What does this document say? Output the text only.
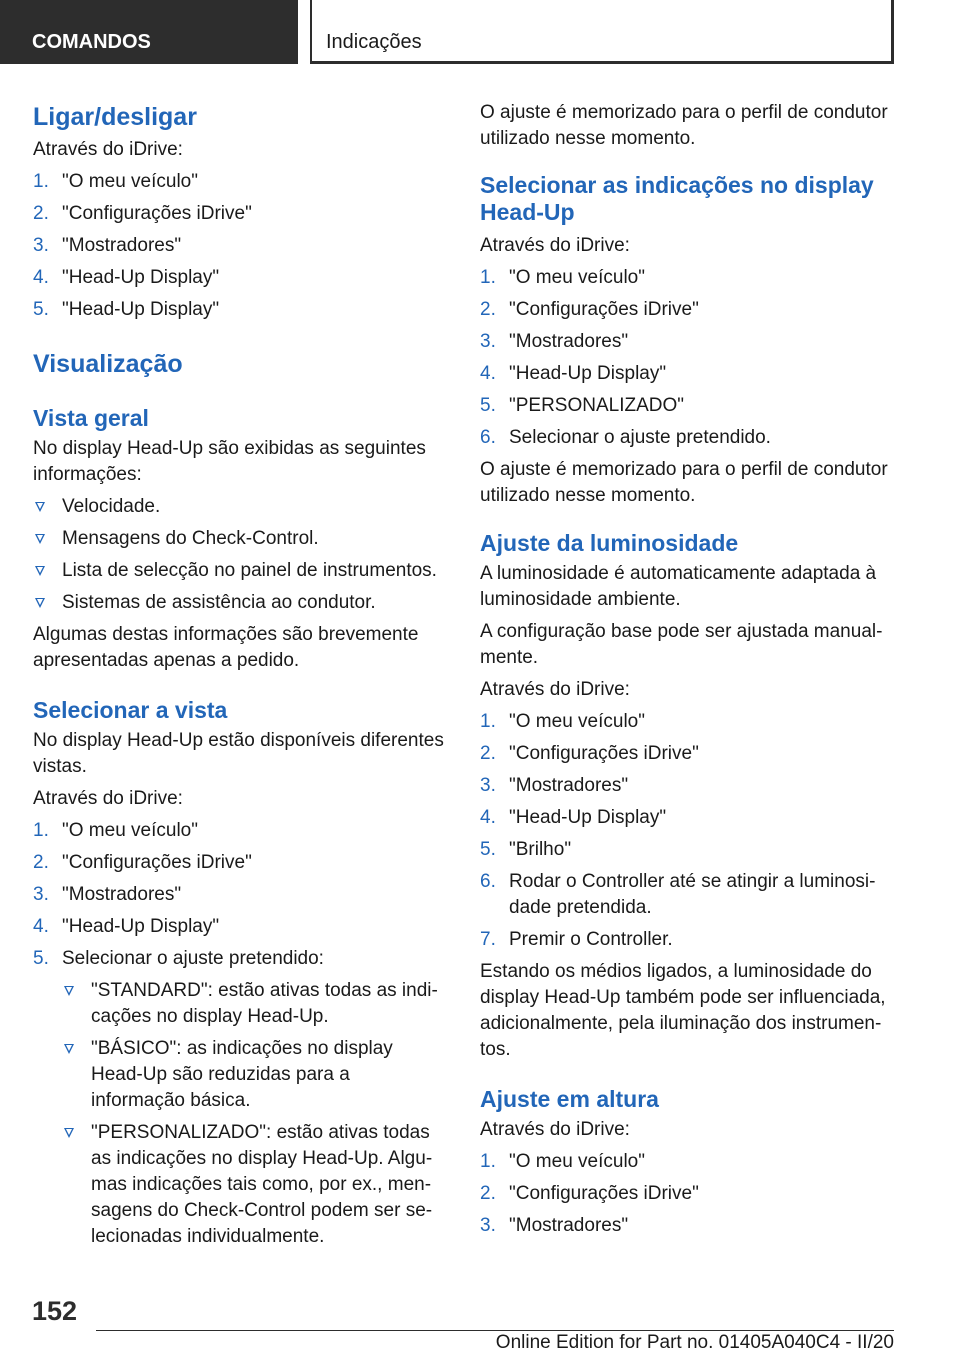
COMANDOS	Indicações
Ligar/desligar

Através do iDrive:

1. "O meu veículo"
2. "Configurações iDrive"
3. "Mostradores"
4. "Head-Up Display"
5. "Head-Up Display"
Visualização
Vista geral

No display Head-Up são exibidas as seguintes informações:

Velocidade.
Mensagens do Check-Control.
Lista de selecção no painel de instrumentos.
Sistemas de assistência ao condutor.

Algumas destas informações são brevemente apresentadas apenas a pedido.

Selecionar a vista

No display Head-Up estão disponíveis diferentes vistas.

Através do iDrive:

1. "O meu veículo"
2. "Configurações iDrive"
3. "Mostradores"
4. "Head-Up Display"
5. Selecionar o ajuste pretendido:
"STANDARD": estão ativas todas as indicações no display Head-Up.
"BÁSICO": as indicações no display Head-Up são reduzidas para a informação básica.
"PERSONALIZADO": estão ativas todas as indicações no display Head-Up. Algumas indicações tais como, por ex., mensagens do Check-Control podem ser selecionadas individualmente.

O ajuste é memorizado para o perfil de condutor utilizado nesse momento.

Selecionar as indicações no display Head-Up

Através do iDrive:

1. "O meu veículo"
2. "Configurações iDrive"
3. "Mostradores"
4. "Head-Up Display"
5. "PERSONALIZADO"
6. Selecionar o ajuste pretendido.

O ajuste é memorizado para o perfil de condutor utilizado nesse momento.

Ajuste da luminosidade

A luminosidade é automaticamente adaptada à luminosidade ambiente.

A configuração base pode ser ajustada manualmente.

Através do iDrive:

1. "O meu veículo"
2. "Configurações iDrive"
3. "Mostradores"
4. "Head-Up Display"
5. "Brilho"
6. Rodar o Controller até se atingir a luminosidade pretendida.
7. Premir o Controller.

Estando os médios ligados, a luminosidade do display Head-Up também pode ser influenciada, adicionalmente, pela iluminação dos instrumentos.

Ajuste em altura

Através do iDrive:

1. "O meu veículo"
2. "Configurações iDrive"
3. "Mostradores"
152
Online Edition for Part no. 01405A040C4 - II/20
